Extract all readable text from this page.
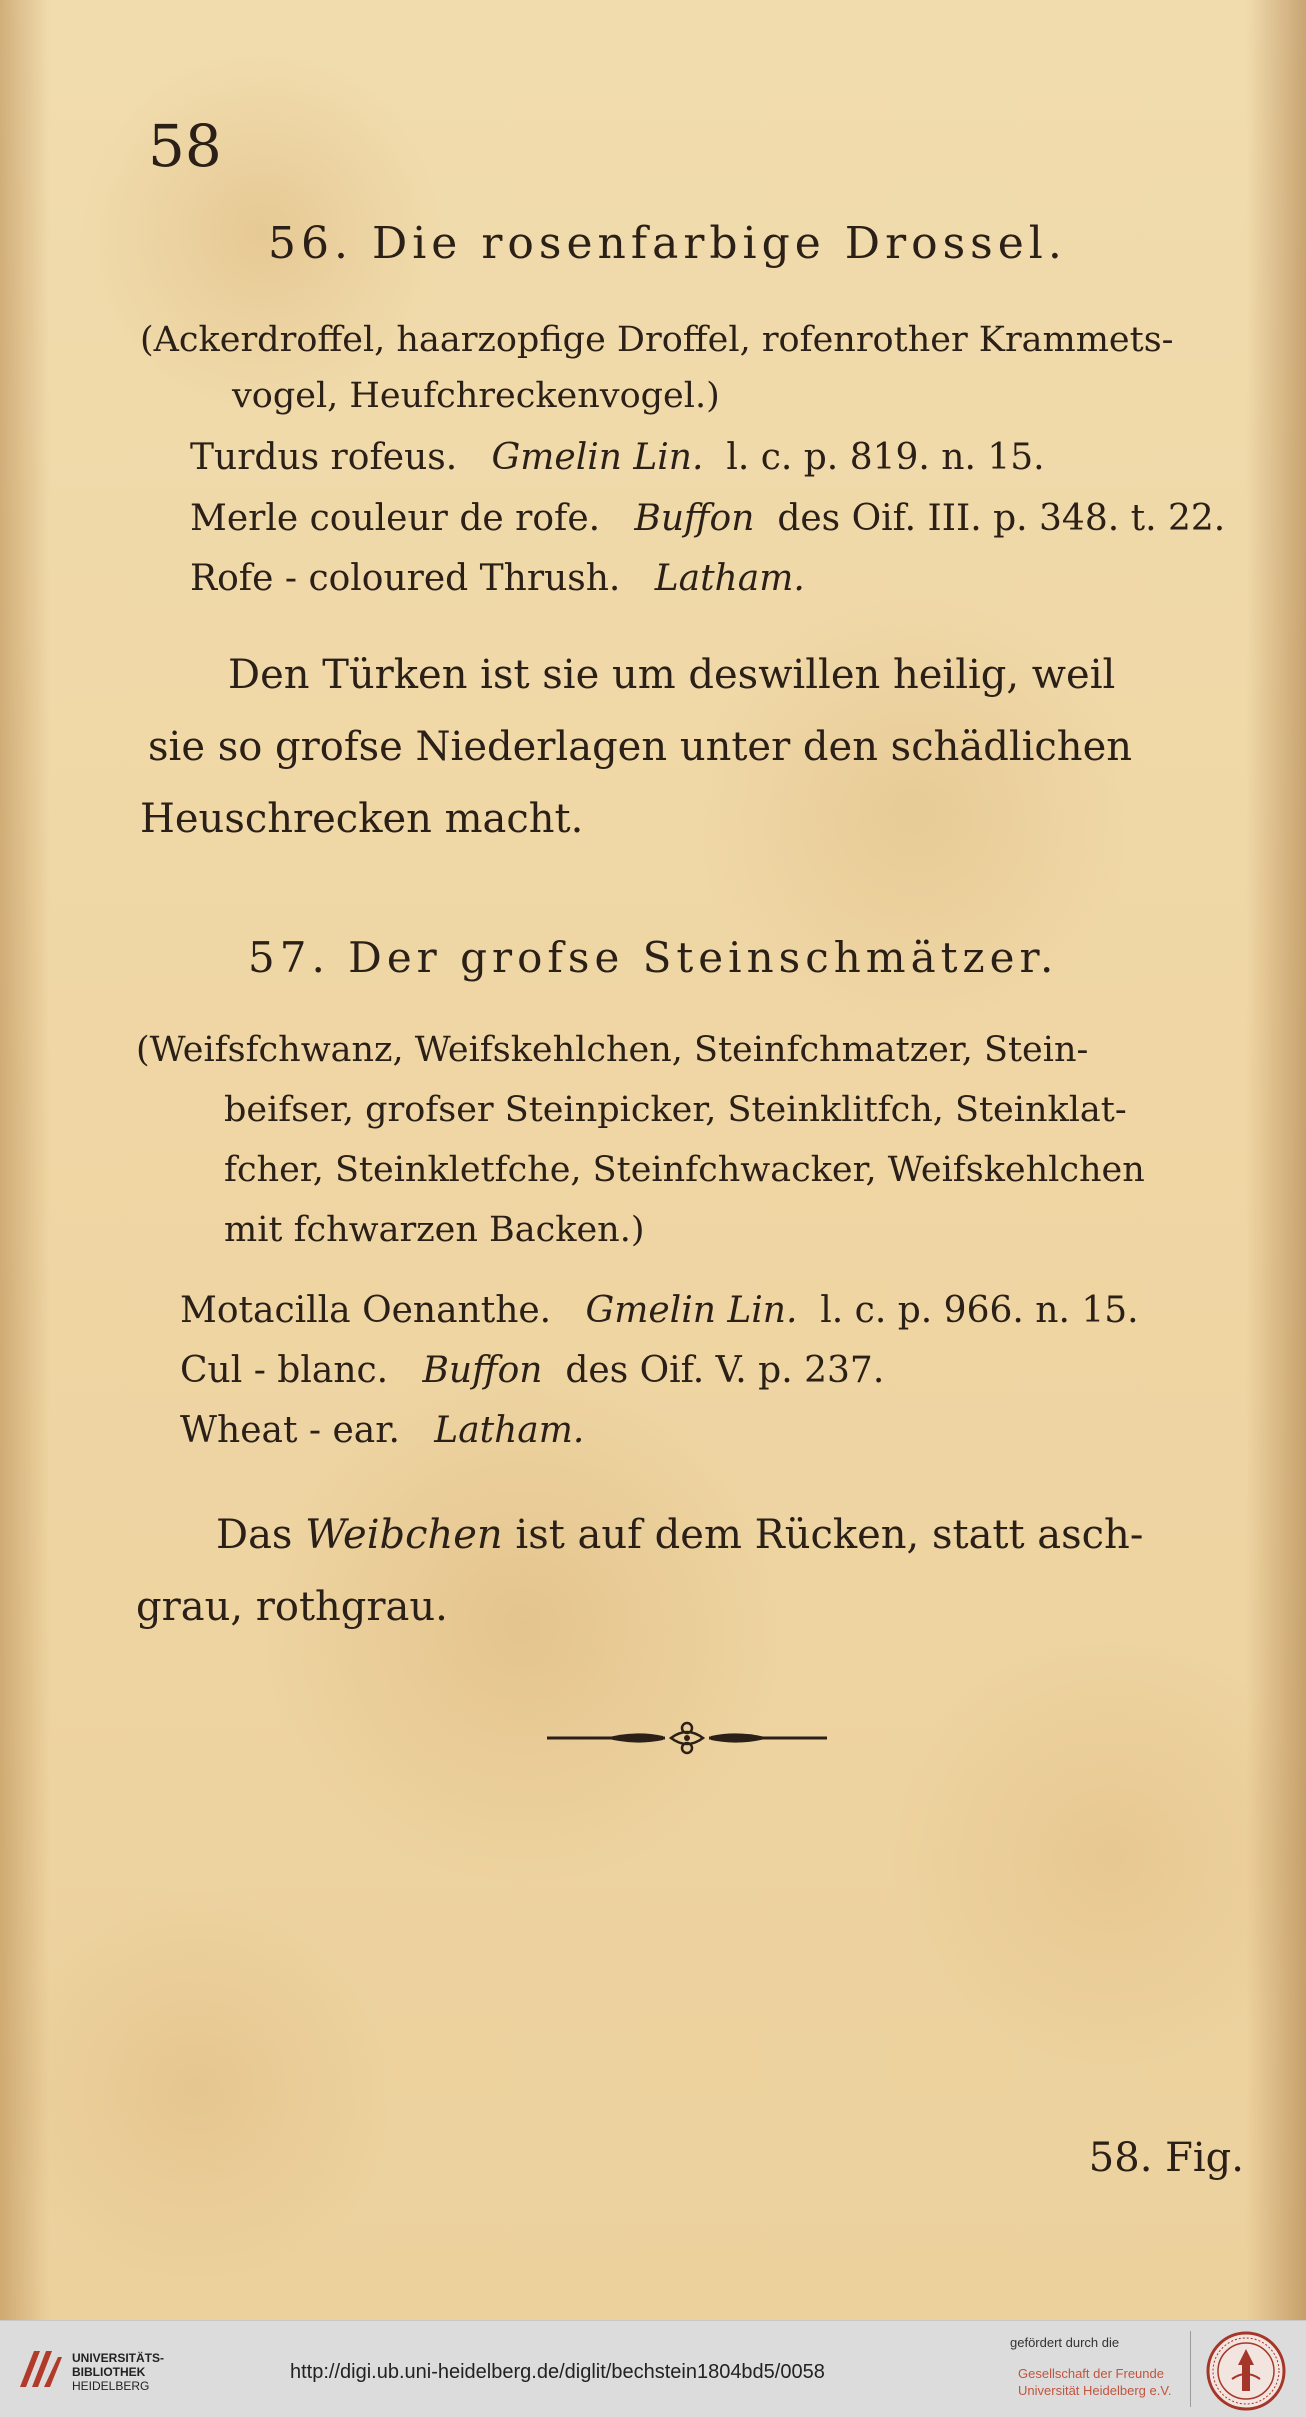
58
56. Die rosenfarbige Drossel.
(Ackerdroffel, haarzopfige Droffel, rofenrother Krammets-
vogel, Heufchreckenvogel.)
Turdus rofeus. Gmelin Lin. l. c. p. 819. n. 15.
Merle couleur de rofe. Buffon des Oif. III. p. 348. t. 22.
Rofe - coloured Thrush. Latham.
Den Türken ist sie um deswillen heilig, weil
sie so grofse Niederlagen unter den schädlichen
Heuschrecken macht.
57. Der grofse Steinschmätzer.
(Weifsfchwanz, Weifskehlchen, Steinfchmatzer, Stein-
beifser, grofser Steinpicker, Steinklitfch, Steinklat-
fcher, Steinkletfche, Steinfchwacker, Weifskehlchen
mit fchwarzen Backen.)
Motacilla Oenanthe. Gmelin Lin. l. c. p. 966. n. 15.
Cul - blanc. Buffon des Oif. V. p. 237.
Wheat - ear. Latham.
Das Weibchen ist auf dem Rücken, statt asch-
grau, rothgrau.
58. Fig.
UNIVERSITÄTS-
BIBLIOTHEK
HEIDELBERG
http://digi.ub.uni-heidelberg.de/diglit/bechstein1804bd5/0058
gefördert durch die
Gesellschaft der Freunde
Universität Heidelberg e.V.
